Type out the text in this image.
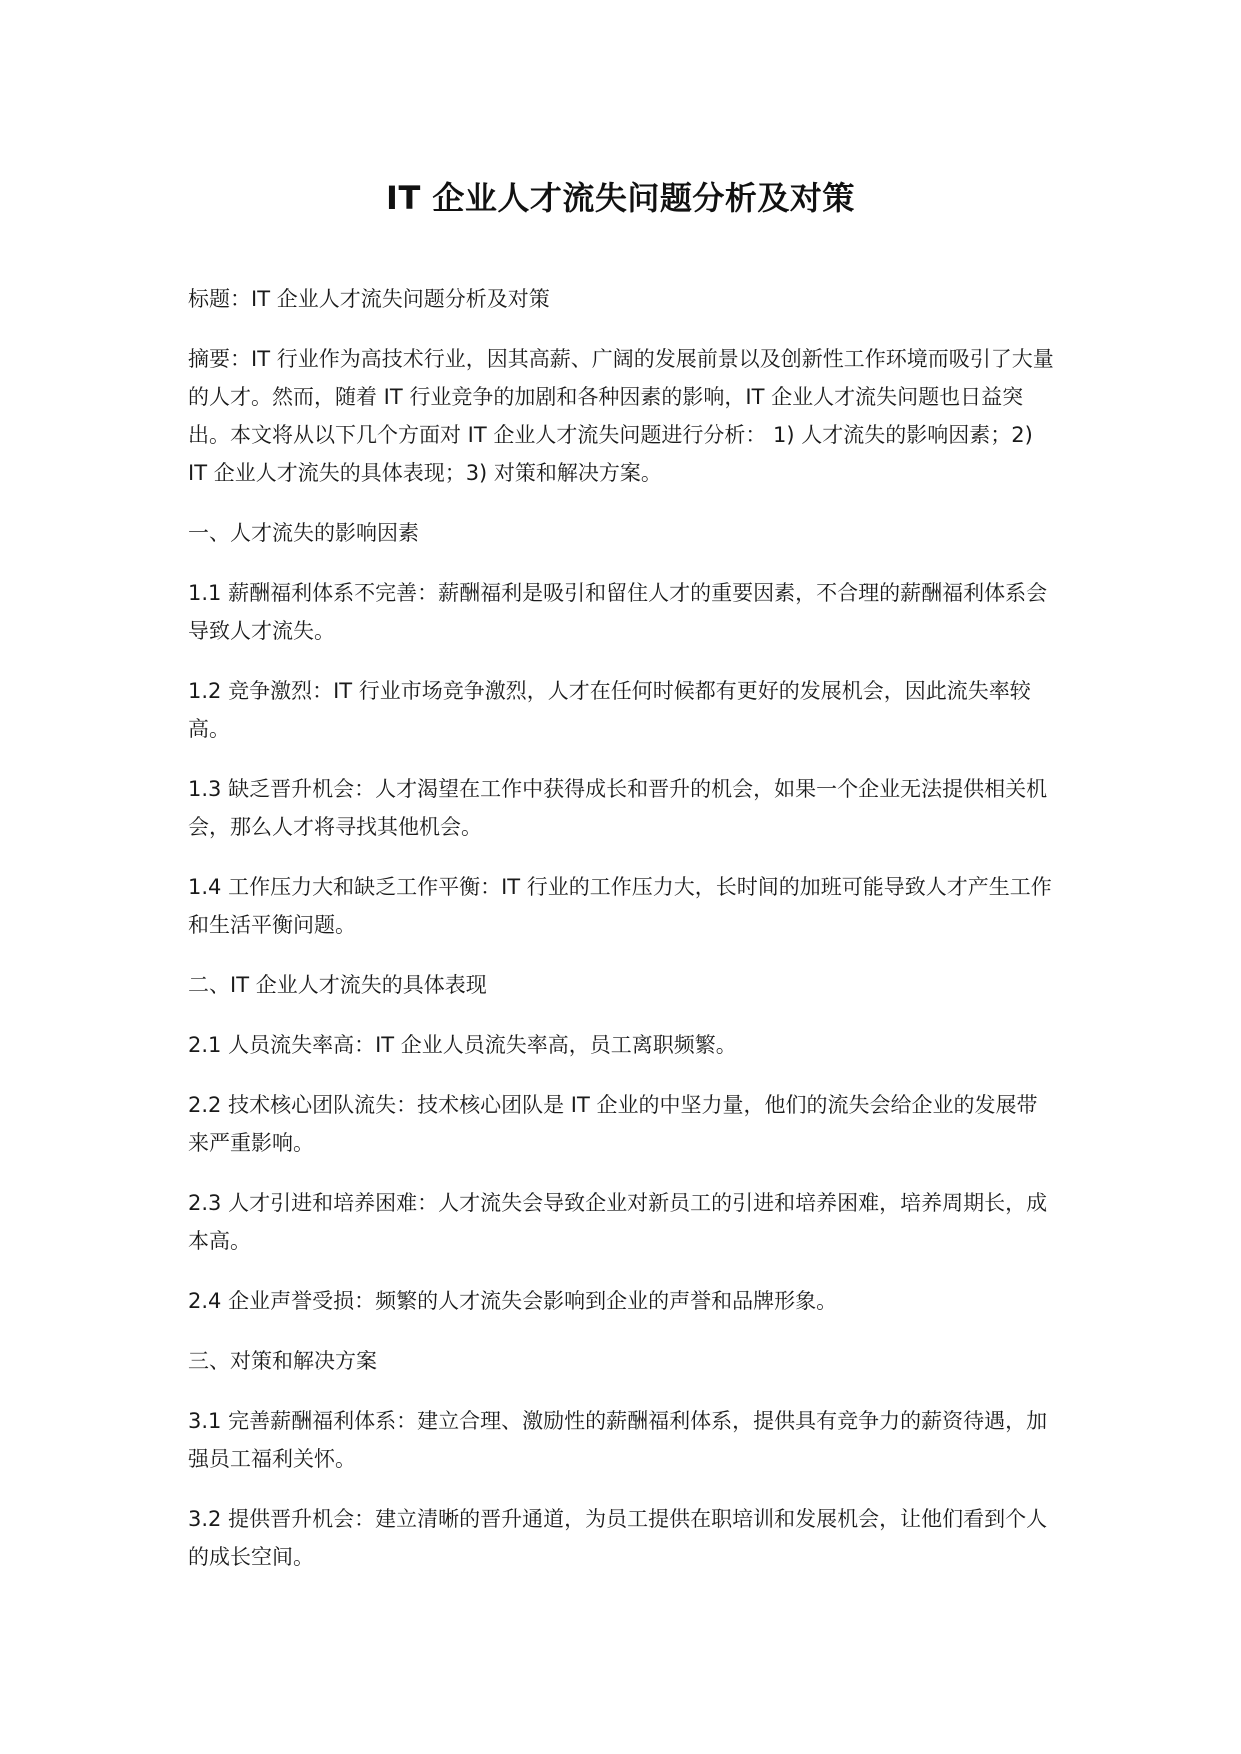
IT 企业人才流失问题分析及对策

标题：IT 企业人才流失问题分析及对策

摘要：IT 行业作为高技术行业，因其高薪、广阔的发展前景以及创新性工作环境而吸引了大量的人才。然而，随着 IT 行业竞争的加剧和各种因素的影响，IT 企业人才流失问题也日益突出。本文将从以下几个方面对 IT 企业人才流失问题进行分析： 1) 人才流失的影响因素；2) IT 企业人才流失的具体表现；3) 对策和解决方案。

一、人才流失的影响因素

1.1 薪酬福利体系不完善：薪酬福利是吸引和留住人才的重要因素，不合理的薪酬福利体系会导致人才流失。

1.2 竞争激烈：IT 行业市场竞争激烈，人才在任何时候都有更好的发展机会，因此流失率较高。

1.3 缺乏晋升机会：人才渴望在工作中获得成长和晋升的机会，如果一个企业无法提供相关机会，那么人才将寻找其他机会。

1.4 工作压力大和缺乏工作平衡：IT 行业的工作压力大，长时间的加班可能导致人才产生工作和生活平衡问题。

二、IT 企业人才流失的具体表现

2.1 人员流失率高：IT 企业人员流失率高，员工离职频繁。

2.2 技术核心团队流失：技术核心团队是 IT 企业的中坚力量，他们的流失会给企业的发展带来严重影响。

2.3 人才引进和培养困难：人才流失会导致企业对新员工的引进和培养困难，培养周期长，成本高。

2.4 企业声誉受损：频繁的人才流失会影响到企业的声誉和品牌形象。

三、对策和解决方案

3.1 完善薪酬福利体系：建立合理、激励性的薪酬福利体系，提供具有竞争力的薪资待遇，加强员工福利关怀。

3.2 提供晋升机会：建立清晰的晋升通道，为员工提供在职培训和发展机会，让他们看到个人的成长空间。
